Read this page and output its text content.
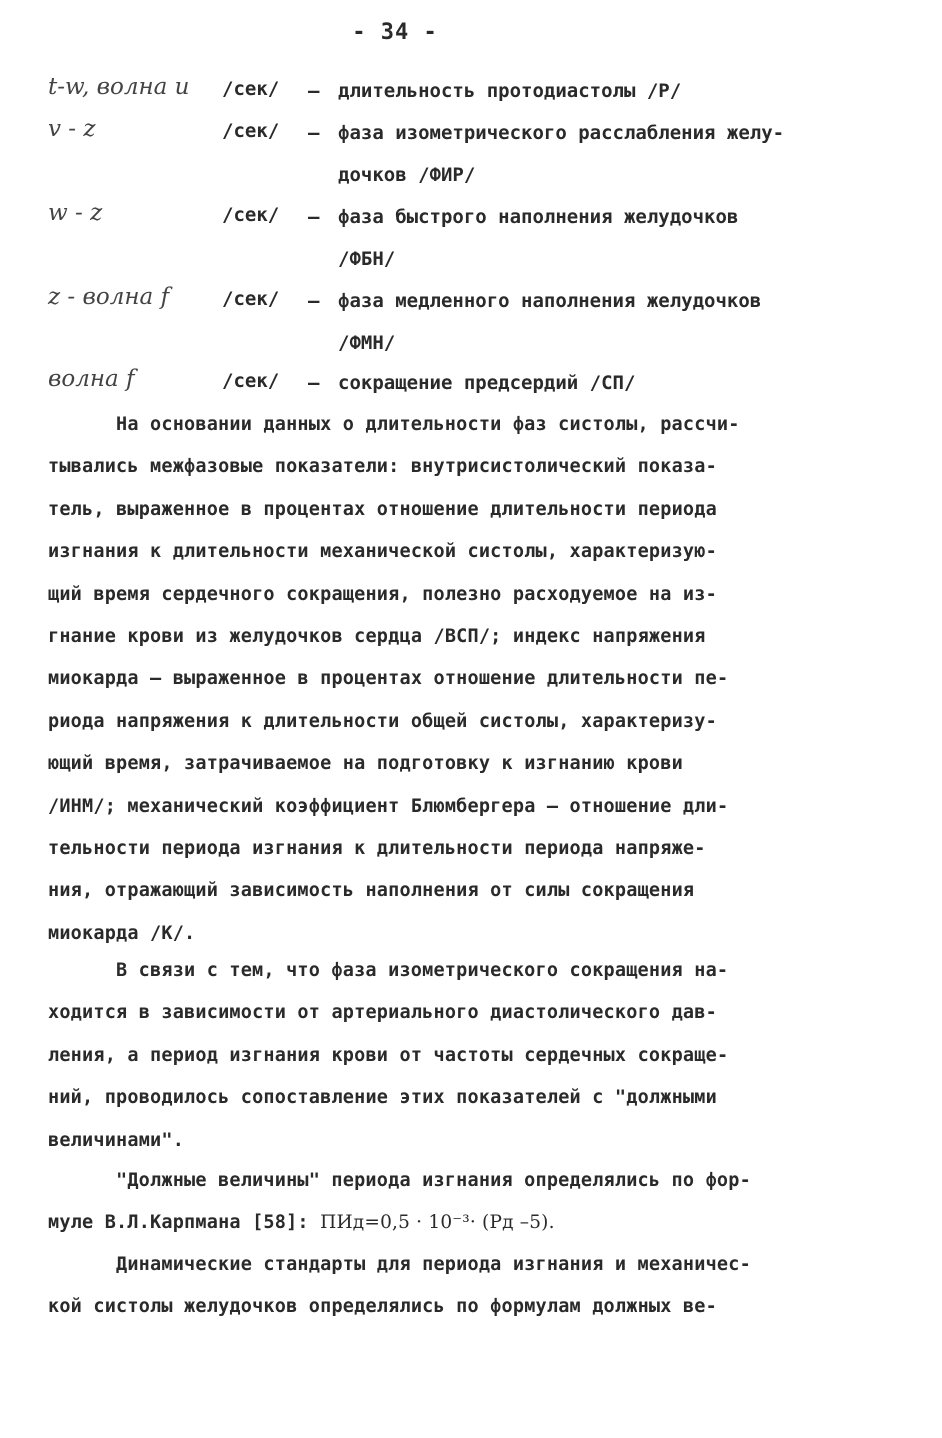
- 34 -
t-w, волна u /сек/ – длительность протодиастолы /Р/
v - z	/сек/ – фаза изометрического расслабления желу-
дочков /ФИР/
w - z	/сек/ – фаза быстрого наполнения желудочков
/ФБН/
z - волна f	/сек/ – фаза медленного наполнения желудочков
/ФМН/
волна f	/сек/ – сокращение предсердий /СП/
На основании данных о длительности фаз систолы, рассчи-
тывались межфазовые показатели: внутрисистолический показа-
тель, выраженное в процентах отношение длительности периода
изгнания к длительности механической систолы, характеризую-
щий время сердечного сокращения, полезно расходуемое на из-
гнание крови из желудочков сердца /ВСП/; индекс напряжения
миокарда – выраженное в процентах отношение длительности пе-
риода напряжения к длительности общей систолы, характеризу-
ющий время, затрачиваемое на подготовку к изгнанию крови
/ИНМ/; механический коэффициент Блюмбергера – отношение дли-
тельности периода изгнания к длительности периода напряже-
ния, отражающий зависимость наполнения от силы сокращения
миокарда /К/.
В связи с тем, что фаза изометрического сокращения на-
ходится в зависимости от артериального диастолического дав-
ления, а период изгнания крови от частоты сердечных сокраще-
ний, проводилось сопоставление этих показателей с "должными
величинами".
"Должные величины" периода изгнания определялись по фор-
муле В.Л.Карпмана [58]: ПИд=0,5 · 10⁻³· (Pд –5).
Динамические стандарты для периода изгнания и механичес-
кой систолы желудочков определялись по формулам должных ве-
